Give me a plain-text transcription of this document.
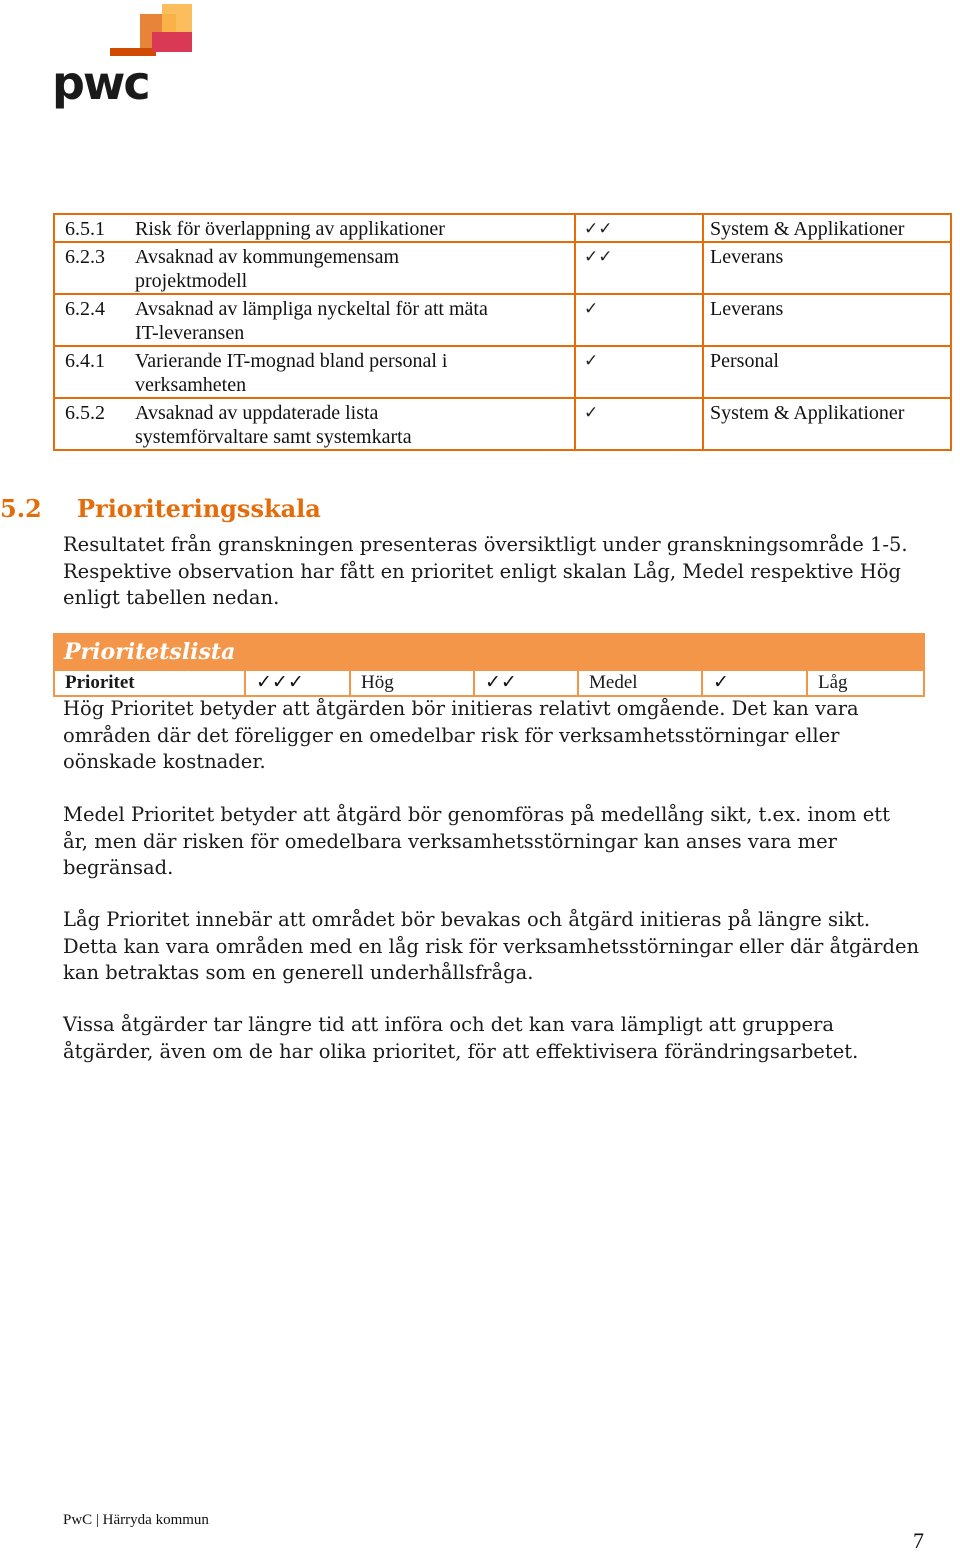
pwc
6.5.1 Risk för överlappning av applikationer	✓✓	System & Applikationer

6.2.3 Avsaknad av kommungemensam
projektmodell	✓✓	Leverans

6.2.4 Avsaknad av lämpliga nyckeltal för att mäta
IT-leveransen	✓	Leverans

6.4.1 Varierande IT-mognad bland personal i
verksamheten	✓	Personal

6.5.2 Avsaknad av uppdaterade lista
systemförvaltare samt systemkarta	✓	System & Applikationer
5.2 Prioriteringsskala

Resultatet från granskningen presenteras översiktligt under granskningsområde 1-5.
Respektive observation har fått en prioritet enligt skalan Låg, Medel respektive Hög
enligt tabellen nedan.

Prioritetslista
Prioritet	✓✓✓	Hög	✓✓	Medel	✓	Låg

Hög Prioritet betyder att åtgärden bör initieras relativt omgående. Det kan vara
områden där det föreligger en omedelbar risk för verksamhetsstörningar eller
oönskade kostnader.

Medel Prioritet betyder att åtgärd bör genomföras på medellång sikt, t.ex. inom ett
år, men där risken för omedelbara verksamhetsstörningar kan anses vara mer
begränsad.

Låg Prioritet innebär att området bör bevakas och åtgärd initieras på längre sikt.
Detta kan vara områden med en låg risk för verksamhetsstörningar eller där åtgärden
kan betraktas som en generell underhållsfråga.

Vissa åtgärder tar längre tid att införa och det kan vara lämpligt att gruppera
åtgärder, även om de har olika prioritet, för att effektivisera förändringsarbetet.

PwC | Härryda kommun
7
